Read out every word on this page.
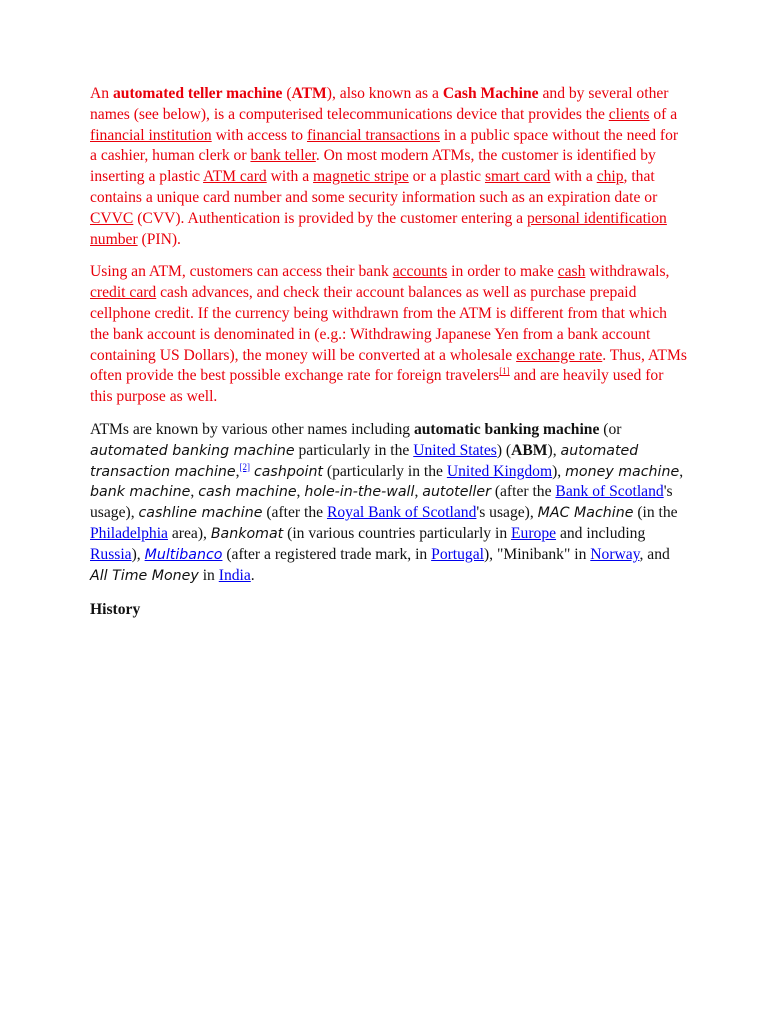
An automated teller machine (ATM), also known as a Cash Machine and by several other names (see below), is a computerised telecommunications device that provides the clients of a financial institution with access to financial transactions in a public space without the need for a cashier, human clerk or bank teller. On most modern ATMs, the customer is identified by inserting a plastic ATM card with a magnetic stripe or a plastic smart card with a chip, that contains a unique card number and some security information such as an expiration date or CVVC (CVV). Authentication is provided by the customer entering a personal identification number (PIN).

Using an ATM, customers can access their bank accounts in order to make cash withdrawals, credit card cash advances, and check their account balances as well as purchase prepaid cellphone credit. If the currency being withdrawn from the ATM is different from that which the bank account is denominated in (e.g.: Withdrawing Japanese Yen from a bank account containing US Dollars), the money will be converted at a wholesale exchange rate. Thus, ATMs often provide the best possible exchange rate for foreign travelers[1] and are heavily used for this purpose as well.

ATMs are known by various other names including automatic banking machine (or automated banking machine particularly in the United States) (ABM), automated transaction machine,[2] cashpoint (particularly in the United Kingdom), money machine, bank machine, cash machine, hole-in-the-wall, autoteller (after the Bank of Scotland's usage), cashline machine (after the Royal Bank of Scotland's usage), MAC Machine (in the Philadelphia area), Bankomat (in various countries particularly in Europe and including Russia), Multibanco (after a registered trade mark, in Portugal), "Minibank" in Norway, and All Time Money in India.

History
